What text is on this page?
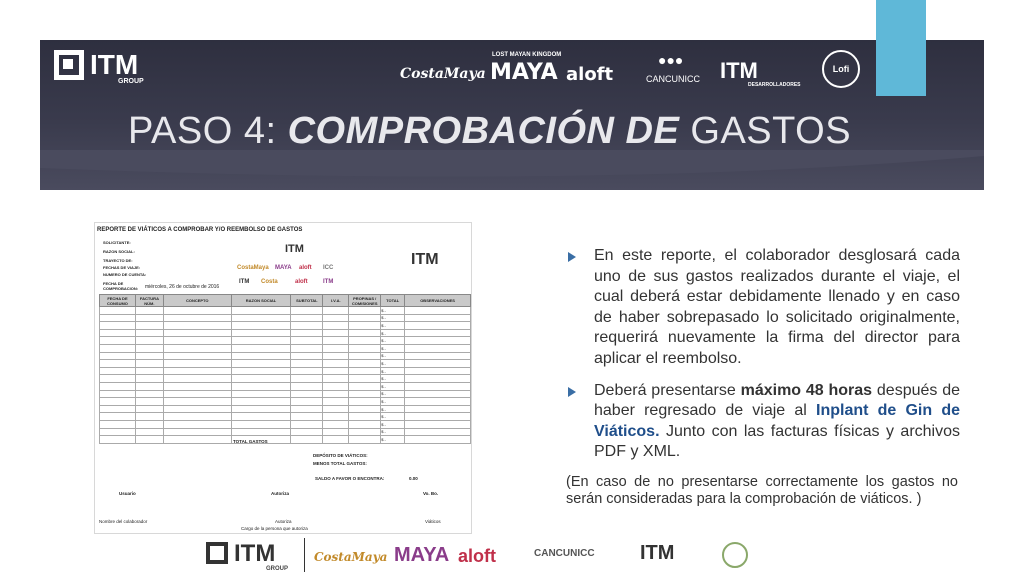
ITM
GROUP	CostaMaya
LOST MAYAN KINGDOM
MAYA aloft
●●●
CANCUNICC ITM
DESARROLLADORES
Lofi
PASO 4: COMPROBACIÓN DE GASTOS
REPORTE DE VIÁTICOS A COMPROBAR Y/O REEMBOLSO DE GASTOS
SOLICITANTE:
RAZON SOCIAL:
TRAYECTO DE:
FECHAS DE VIAJE:
NUMERO DE CUENTA:
FECHA DE COMPROBACION:	miércoles, 26 de octubre de 2016
ITM
ITM
CostaMaya MAYA aloft ICC
ITM Costa	aloft	ITM
FECHA DE CONSUMO	FACTURA NÚM.	CONCEPTO	RAZON SOCIAL	SUBTOTAL	I.V.A.	PROPINAS / COMISIONES	TOTAL	OBSERVACIONES
							$ -	
							$ -	
							$ -	
							$ -	
							$ -	
							$ -	
							$ -	
							$ -	
							$ -	
							$ -	
							$ -	
							$ -	
							$ -	
							$ -	
							$ -	
							$ -	
							$ -	
							$ -	
TOTAL GASTOS
DEPÓSITO DE VIÁTICOS:
MENOS TOTAL GASTOS:
SALDO A FAVOR O ENCONTRA:	0.00
Usuario	Autoriza	Vo. Bo.
Nombre del colaborador	Autoriza
Cargo de la persona que autoriza
Viáticos
En este reporte, el colaborador desglosará cada uno de sus gastos realizados durante el viaje, el cual deberá estar debidamente llenado y en caso de haber sobrepasado lo solicitado originalmente, requerirá nuevamente la firma del director para aplicar el reembolso.
Deberá presentarse máximo 48 horas después de haber regresado de viaje al Inplant de Gin de Viáticos. Junto con las facturas físicas y archivos PDF y XML.
(En caso de no presentarse correctamente los gastos no serán consideradas para la comprobación de viáticos. )
ITM
GROUP
CostaMaya MAYA aloft	CANCUNICC ITM
